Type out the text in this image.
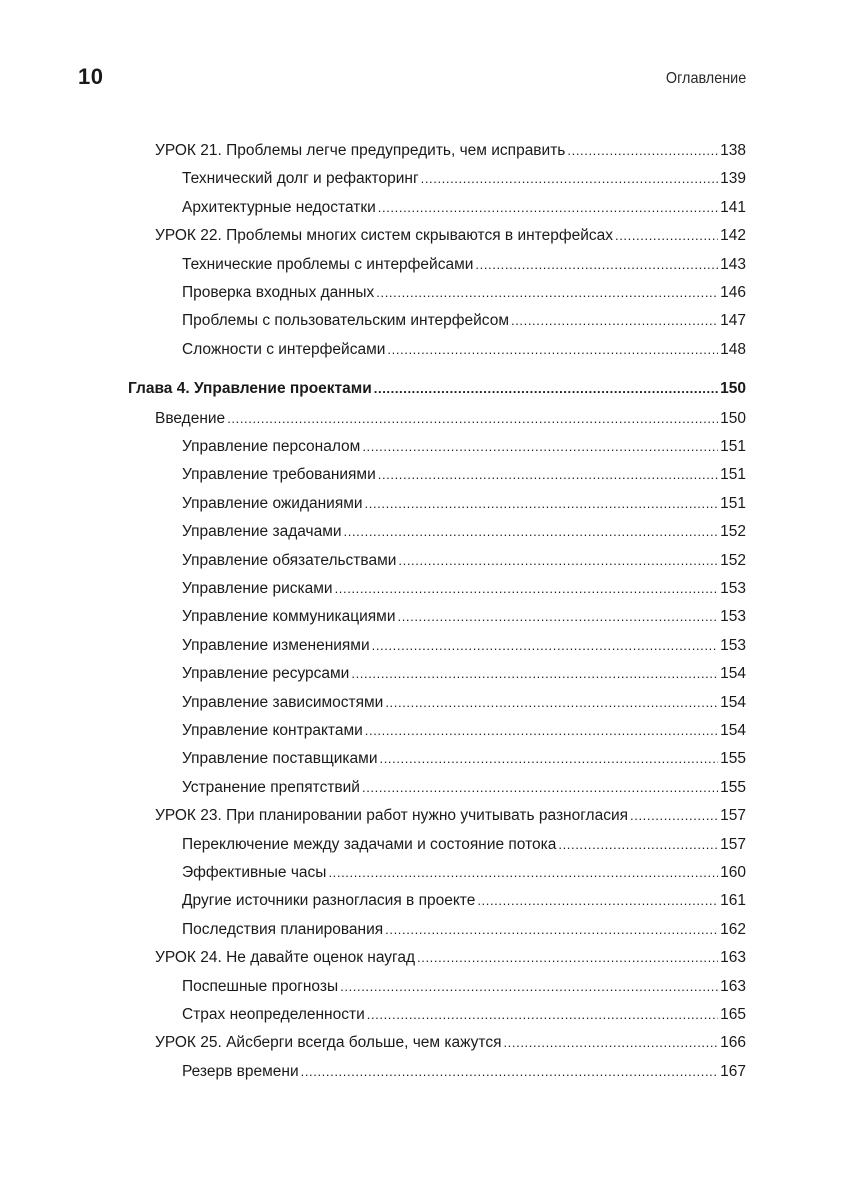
10	Оглавление
УРОК 21. Проблемы легче предупредить, чем исправить .....	138
Технический долг и рефакторинг .....	139
Архитектурные недостатки .....	141
УРОК 22. Проблемы многих систем скрываются в интерфейсах .....	142
Технические проблемы с интерфейсами .....	143
Проверка входных данных .....	146
Проблемы с пользовательским интерфейсом .....	147
Сложности с интерфейсами .....	148
Глава 4. Управление проектами .....	150
Введение .....	150
Управление персоналом .....	151
Управление требованиями .....	151
Управление ожиданиями .....	151
Управление задачами .....	152
Управление обязательствами .....	152
Управление рисками .....	153
Управление коммуникациями .....	153
Управление изменениями .....	153
Управление ресурсами .....	154
Управление зависимостями .....	154
Управление контрактами .....	154
Управление поставщиками .....	155
Устранение препятствий .....	155
УРОК 23. При планировании работ нужно учитывать разногласия .....	157
Переключение между задачами и состояние потока .....	157
Эффективные часы .....	160
Другие источники разногласия в проекте .....	161
Последствия планирования .....	162
УРОК 24. Не давайте оценок наугад .....	163
Поспешные прогнозы .....	163
Страх неопределенности .....	165
УРОК 25. Айсберги всегда больше, чем кажутся .....	166
Резерв времени .....	167
